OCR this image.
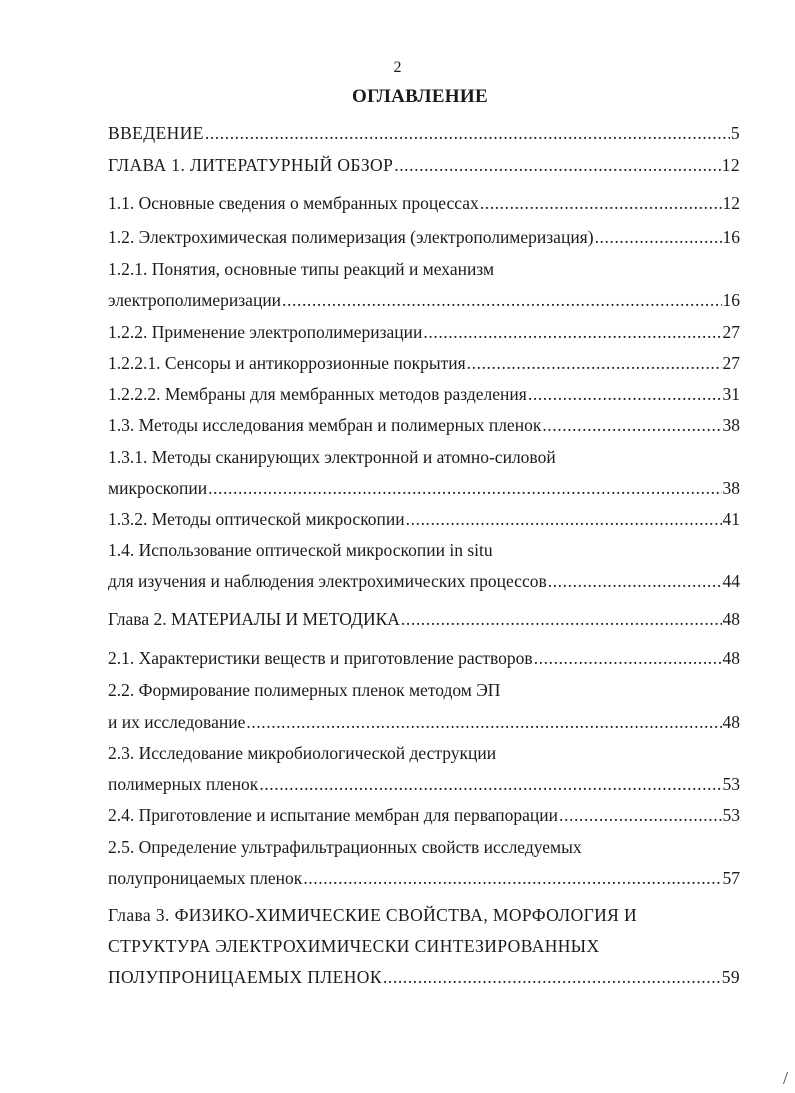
2
ОГЛАВЛЕНИЕ
ВВЕДЕНИЕ .....	5
ГЛАВА 1. ЛИТЕРАТУРНЫЙ ОБЗОР .....	12
1.1. Основные сведения о мембранных процессах .....	12
1.2. Электрохимическая полимеризация (электрополимеризация) .....	16
1.2.1. Понятия, основные типы реакций и механизм
электрополимеризации .....	16
1.2.2. Применение электрополимеризации .....	27
1.2.2.1. Сенсоры и антикоррозионные покрытия .....	27
1.2.2.2. Мембраны для мембранных методов разделения .....	31
1.3. Методы исследования мембран и полимерных пленок .....	38
1.3.1. Методы сканирующих электронной и атомно-силовой
микроскопии .....	38
1.3.2. Методы оптической микроскопии .....	41
1.4. Использование оптической микроскопии in situ
для изучения и наблюдения электрохимических процессов .....	44
Глава 2. МАТЕРИАЛЫ И МЕТОДИКА .....	48
2.1. Характеристики веществ и приготовление растворов .....	48
2.2. Формирование полимерных пленок методом ЭП
и их исследование .....	48
2.3. Исследование микробиологической деструкции
полимерных пленок .....	53
2.4. Приготовление и испытание мембран для первапорации .....	53
2.5. Определение ультрафильтрационных свойств исследуемых
полупроницаемых пленок .....	57
Глава 3. ФИЗИКО-ХИМИЧЕСКИЕ СВОЙСТВА, МОРФОЛОГИЯ И
СТРУКТУРА ЭЛЕКТРОХИМИЧЕСКИ СИНТЕЗИРОВАННЫХ
ПОЛУПРОНИЦАЕМЫХ ПЛЕНОК .....	59
/
